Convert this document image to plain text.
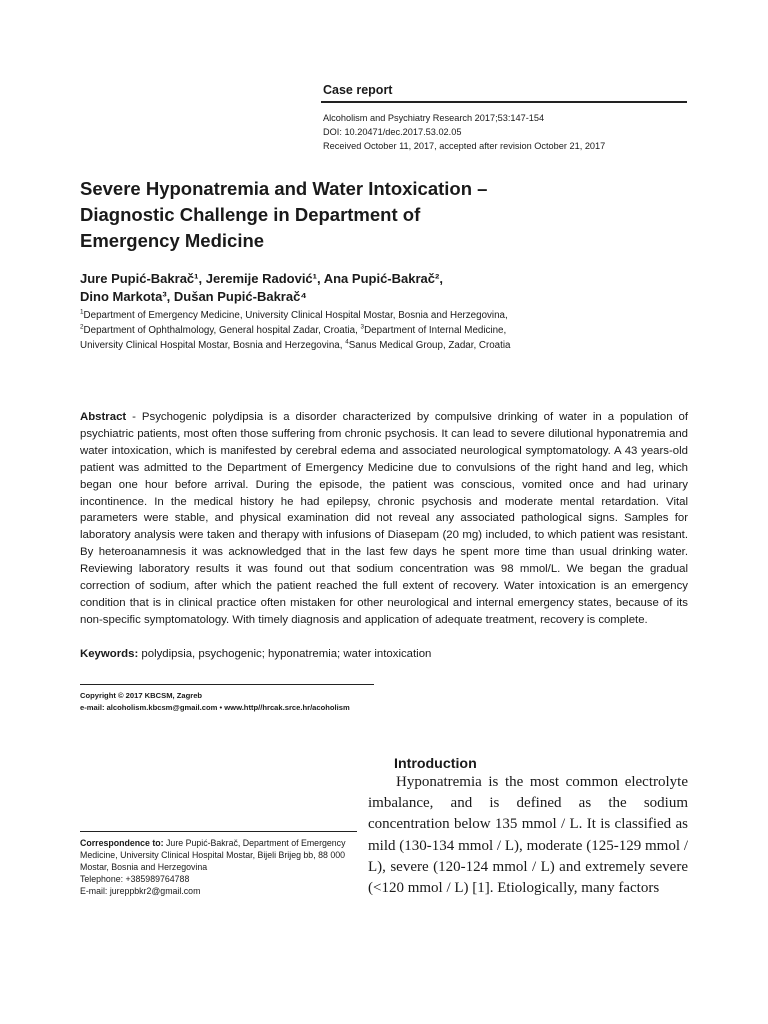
Case report
Alcoholism and Psychiatry Research 2017;53:147-154
DOI: 10.20471/dec.2017.53.02.05
Received October 11, 2017, accepted after revision October 21, 2017
Severe Hyponatremia and Water Intoxication – Diagnostic Challenge in Department of Emergency Medicine
Jure Pupić-Bakrač¹, Jeremije Radović¹, Ana Pupić-Bakrač²,
Dino Markota³, Dušan Pupić-Bakrač⁴
$^1$Department of Emergency Medicine, University Clinical Hospital Mostar, Bosnia and Herzegovina, $^2$Department of Ophthalmology, General hospital Zadar, Croatia, $^3$Department of Internal Medicine, University Clinical Hospital Mostar, Bosnia and Herzegovina, $^4$Sanus Medical Group, Zadar, Croatia
Abstract - Psychogenic polydipsia is a disorder characterized by compulsive drinking of water in a population of psychiatric patients, most often those suffering from chronic psychosis. It can lead to severe dilutional hyponatremia and water intoxication, which is manifested by cerebral edema and associated neurological symptomatology. A 43 years-old patient was admitted to the Department of Emergency Medicine due to convulsions of the right hand and leg, which began one hour before arrival. During the episode, the patient was conscious, vomited once and had urinary incontinence. In the medical history he had epilepsy, chronic psychosis and moderate mental retardation. Vital parameters were stable, and physical examination did not reveal any associated pathological signs. Samples for laboratory analysis were taken and therapy with infusions of Diasepam (20 mg) included, to which patient was resistant. By heteroanamnesis it was acknowledged that in the last few days he spent more time than usual drinking water. Reviewing laboratory results it was found out that sodium concentration was 98 mmol/L. We began the gradual correction of sodium, after which the patient reached the full extent of recovery. Water intoxication is an emergency condition that is in clinical practice often mistaken for other neurological and internal emergency states, because of its non-specific symptomatology. With timely diagnosis and application of adequate treatment, recovery is complete.
Keywords: polydipsia, psychogenic; hyponatremia; water intoxication
Copyright © 2017 KBCSM, Zagreb
e-mail: alcoholism.kbcsm@gmail.com • www.http//hrcak.srce.hr/acoholism
Correspondence to: Jure Pupić-Bakrač, Department of Emergency Medicine, University Clinical Hospital Mostar, Bijeli Brijeg bb, 88 000 Mostar, Bosnia and Herzegovina
Telephone: +385989764788
E-mail: jureppbkr2@gmail.com
Introduction
Hyponatremia is the most common electrolyte imbalance, and is defined as the sodium concentration below 135 mmol / L. It is classified as mild (130-134 mmol / L), moderate (125-129 mmol / L), severe (120-124 mmol / L) and extremely severe (<120 mmol / L) [1]. Etiologically, many factors
